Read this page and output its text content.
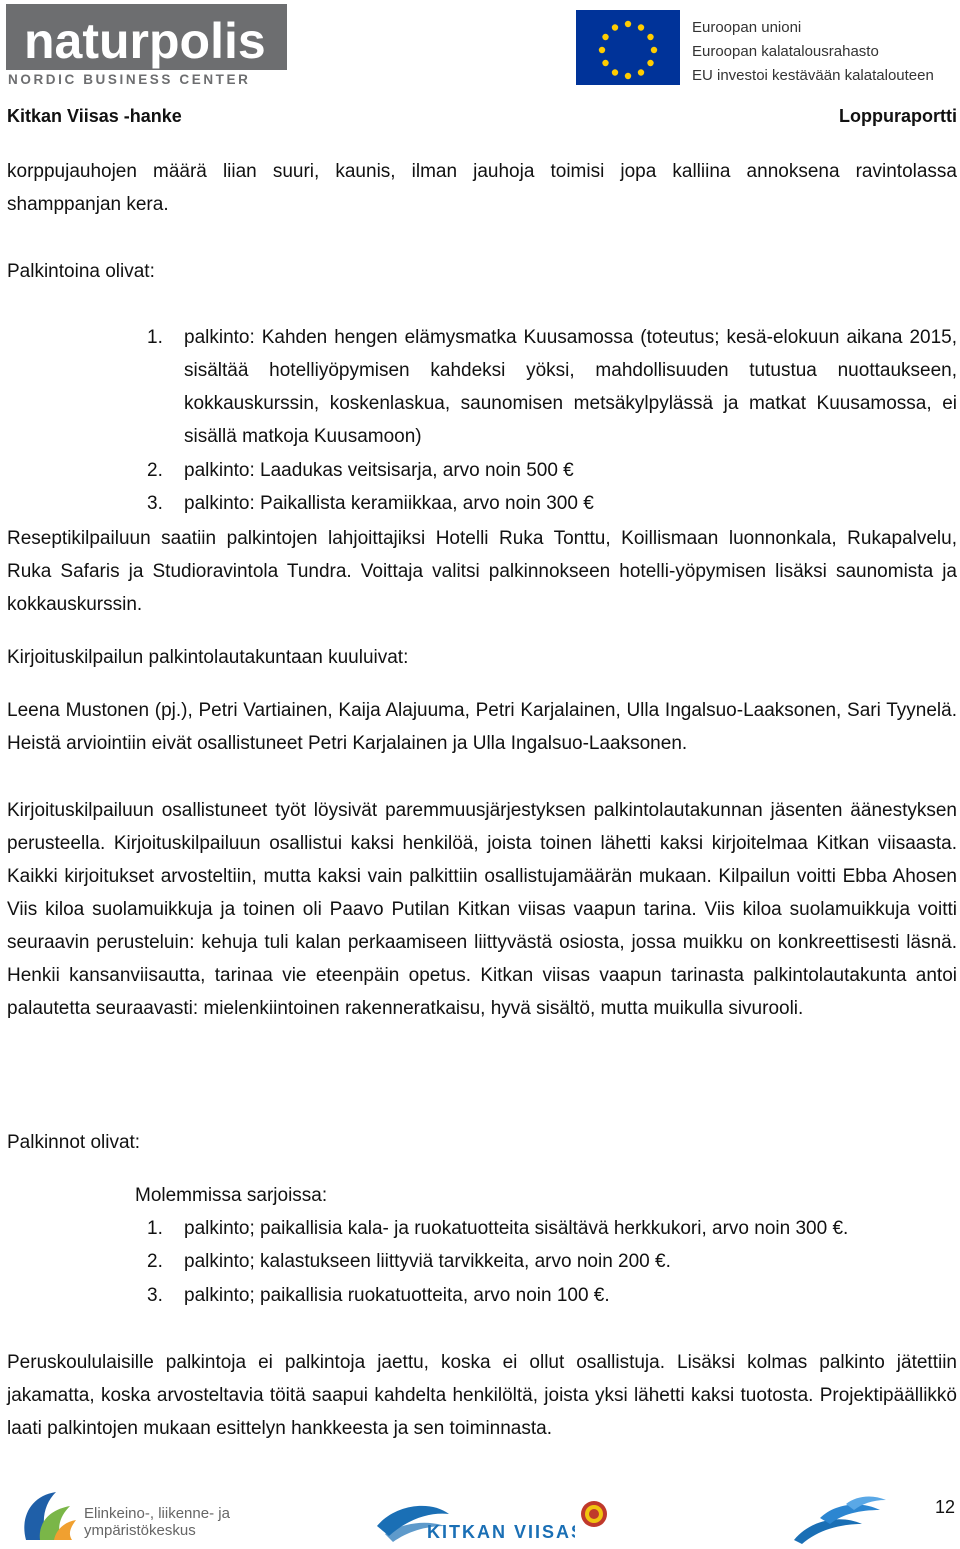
naturpolis
NORDIC BUSINESS CENTER
Euroopan unioni
Euroopan kalatalousrahasto
EU investoi kestävään kalatalouteen
Kitkan Viisas -hanke	Loppuraportti

korppujauhojen määrä liian suuri, kaunis, ilman jauhoja toimisi jopa kalliina annoksena ravintolassa shamppanjan kera.

Palkintoina olivat:

1. palkinto: Kahden hengen elämysmatka Kuusamossa (toteutus; kesä-elokuun aikana 2015, sisältää hotelliyöpymisen kahdeksi yöksi, mahdollisuuden tutustua nuottaukseen, kokkauskurssin, koskenlaskua, saunomisen metsäkylpylässä ja matkat Kuusamossa, ei sisällä matkoja Kuusamoon)
2. palkinto: Laadukas veitsisarja, arvo noin 500 €
3. palkinto: Paikallista keramiikkaa, arvo noin 300 €

Reseptikilpailuun saatiin palkintojen lahjoittajiksi Hotelli Ruka Tonttu, Koillismaan luonnonkala, Rukapalvelu, Ruka Safaris ja Studioravintola Tundra. Voittaja valitsi palkinnokseen hotelli-yöpymisen lisäksi saunomista ja kokkauskurssin.

Kirjoituskilpailun palkintolautakuntaan kuuluivat:

Leena Mustonen (pj.), Petri Vartiainen, Kaija Alajuuma, Petri Karjalainen, Ulla Ingalsuo-Laaksonen, Sari Tyynelä. Heistä arviointiin eivät osallistuneet Petri Karjalainen ja Ulla Ingalsuo-Laaksonen.

Kirjoituskilpailuun osallistuneet työt löysivät paremmuusjärjestyksen palkintolautakunnan jäsenten äänestyksen perusteella. Kirjoituskilpailuun osallistui kaksi henkilöä, joista toinen lähetti kaksi kirjoitelmaa Kitkan viisaasta. Kaikki kirjoitukset arvosteltiin, mutta kaksi vain palkittiin osallistujamäärän mukaan. Kilpailun voitti Ebba Ahosen Viis kiloa suolamuikkuja ja toinen oli Paavo Putilan Kitkan viisas vaapun tarina. Viis kiloa suolamuikkuja voitti seuraavin perusteluin: kehuja tuli kalan perkaamiseen liittyvästä osiosta, jossa muikku on konkreettisesti läsnä. Henkii kansanviisautta, tarinaa vie eteenpäin opetus. Kitkan viisas vaapun tarinasta palkintolautakunta antoi palautetta seuraavasti: mielenkiintoinen rakenneratkaisu, hyvä sisältö, mutta muikulla sivurooli.

Palkinnot olivat:

Molemmissa sarjoissa:

1. palkinto; paikallisia kala- ja ruokatuotteita sisältävä herkkukori, arvo noin 300 €.
2. palkinto; kalastukseen liittyviä tarvikkeita, arvo noin 200 €.
3. palkinto; paikallisia ruokatuotteita, arvo noin 100 €.

Peruskoululaisille palkintoja ei palkintoja jaettu, koska ei ollut osallistuja. Lisäksi kolmas palkinto jätettiin jakamatta, koska arvosteltavia töitä saapui kahdelta henkilöltä, joista yksi lähetti kaksi tuotosta. Projektipäällikkö laati palkintojen mukaan esittelyn hankkeesta ja sen toiminnasta.

Elinkeino-, liikenne- ja
ympäristökeskus	KITKAN VIISAS
12
